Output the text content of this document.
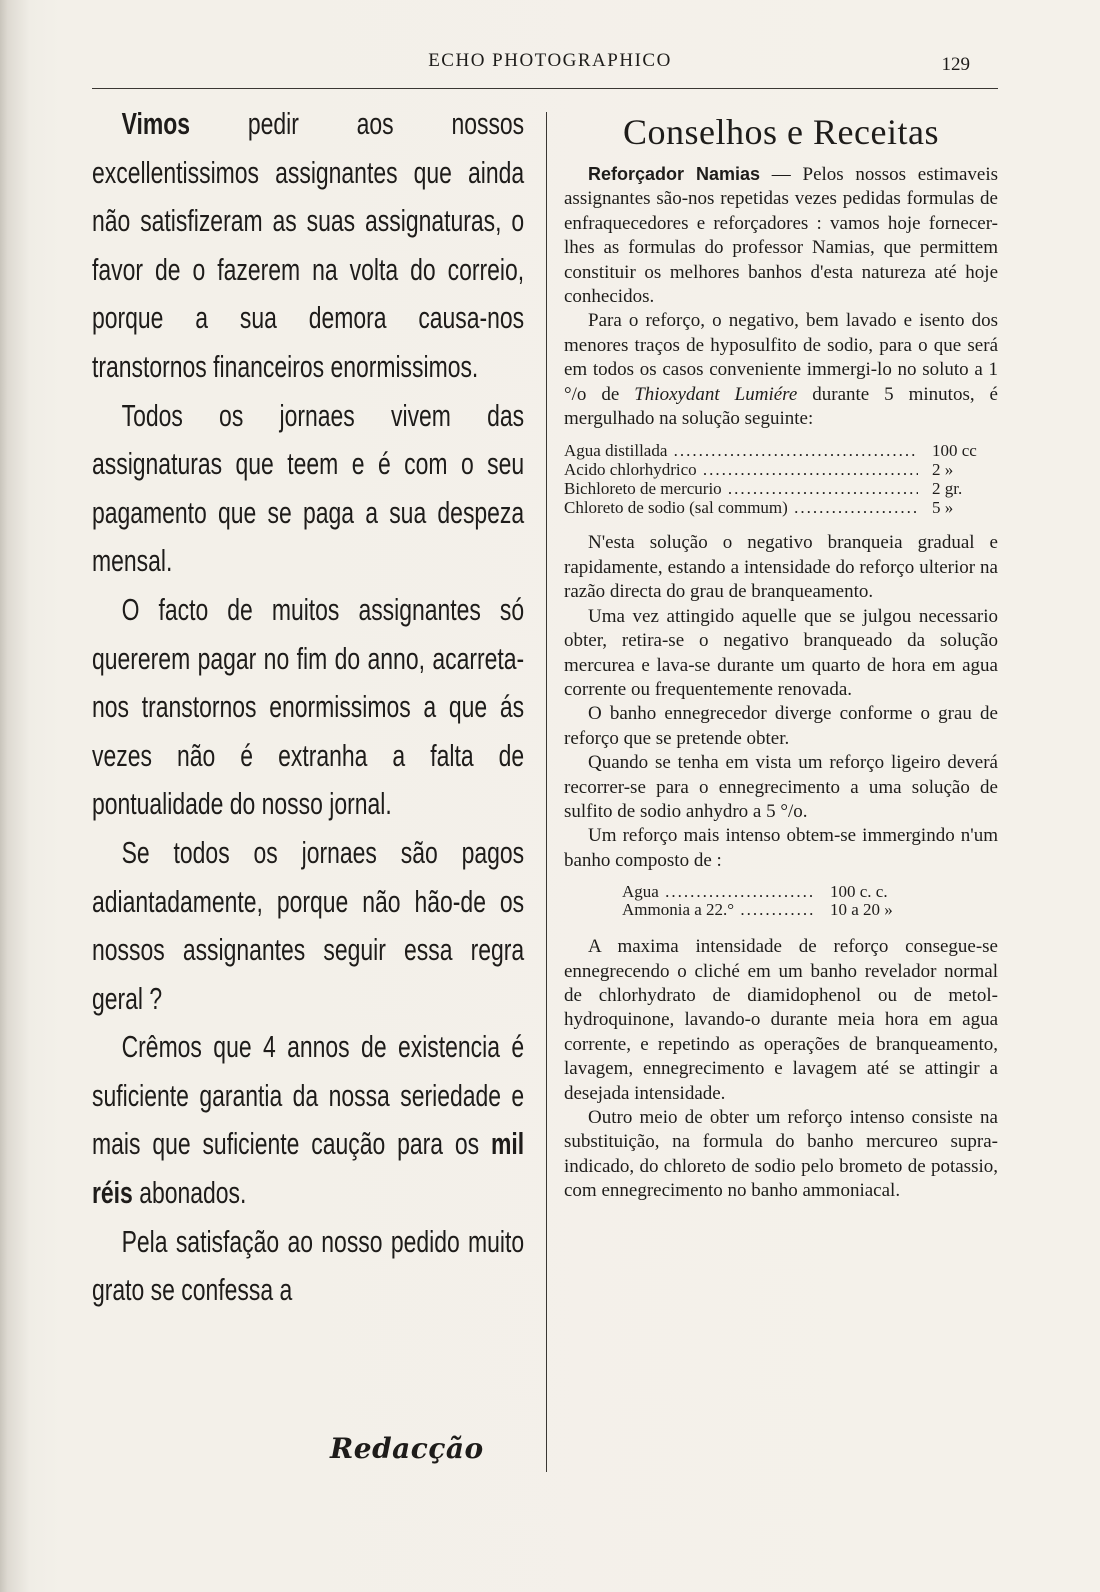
ECHO PHOTOGRAPHICO	129

Vimos pedir aos nossos excellentissimos assignantes que ainda não satisfizeram as suas assignaturas, o favor de o fazerem na volta do correio, porque a sua demora causa-nos transtornos financeiros enormissimos.

Todos os jornaes vivem das assignaturas que teem e é com o seu pagamento que se paga a sua despeza mensal.

O facto de muitos assignantes só quererem pagar no fim do anno, acarreta-nos transtornos enormissimos a que ás vezes não é extranha a falta de pontualidade do nosso jornal.

Se todos os jornaes são pagos adiantadamente, porque não hão-de os nossos assignantes seguir essa regra geral ?

Crêmos que 4 annos de existencia é suficiente garantia da nossa seriedade e mais que suficiente caução para os mil réis abonados.

Pela satisfação ao nosso pedido muito grato se confessa a

Redacção
Conselhos e Receitas

Reforçador Namias — Pelos nossos estimaveis assignantes são-nos repetidas vezes pedidas formulas de enfraquecedores e reforçadores : vamos hoje fornecer-lhes as formulas do professor Namias, que permittem constituir os melhores banhos d'esta natureza até hoje conhecidos.

Para o reforço, o negativo, bem lavado e isento dos menores traços de hyposulfito de sodio, para o que será em todos os casos conveniente immergi-lo no soluto a 1 °/o de Thioxydant Lumiére durante 5 minutos, é mergulhado na solução seguinte:

Agua distillada .....	100 cc
Acido chlorhydrico .....	2 »
Bichloreto de mercurio .....	2 gr.
Chloreto de sodio (sal commum) .....	5 »

N'esta solução o negativo branqueia gradual e rapidamente, estando a intensidade do reforço ulterior na razão directa do grau de branqueamento.

Uma vez attingido aquelle que se julgou necessario obter, retira-se o negativo branqueado da solução mercurea e lava-se durante um quarto de hora em agua corrente ou frequentemente renovada.

O banho ennegrecedor diverge conforme o grau de reforço que se pretende obter.

Quando se tenha em vista um reforço ligeiro deverá recorrer-se para o ennegrecimento a uma solução de sulfito de sodio anhydro a 5 °/o.

Um reforço mais intenso obtem-se immergindo n'um banho composto de :

Agua .....	100 c. c.
Ammonia a 22.° .....	10 a 20 »

A maxima intensidade de reforço consegue-se ennegrecendo o cliché em um banho revelador normal de chlorhydrato de diamidophenol ou de metol-hydroquinone, lavando-o durante meia hora em agua corrente, e repetindo as operações de branqueamento, lavagem, ennegrecimento e lavagem até se attingir a desejada intensidade.

Outro meio de obter um reforço intenso consiste na substituição, na formula do banho mercureo supra-indicado, do chloreto de sodio pelo brometo de potassio, com ennegrecimento no banho ammoniacal.
